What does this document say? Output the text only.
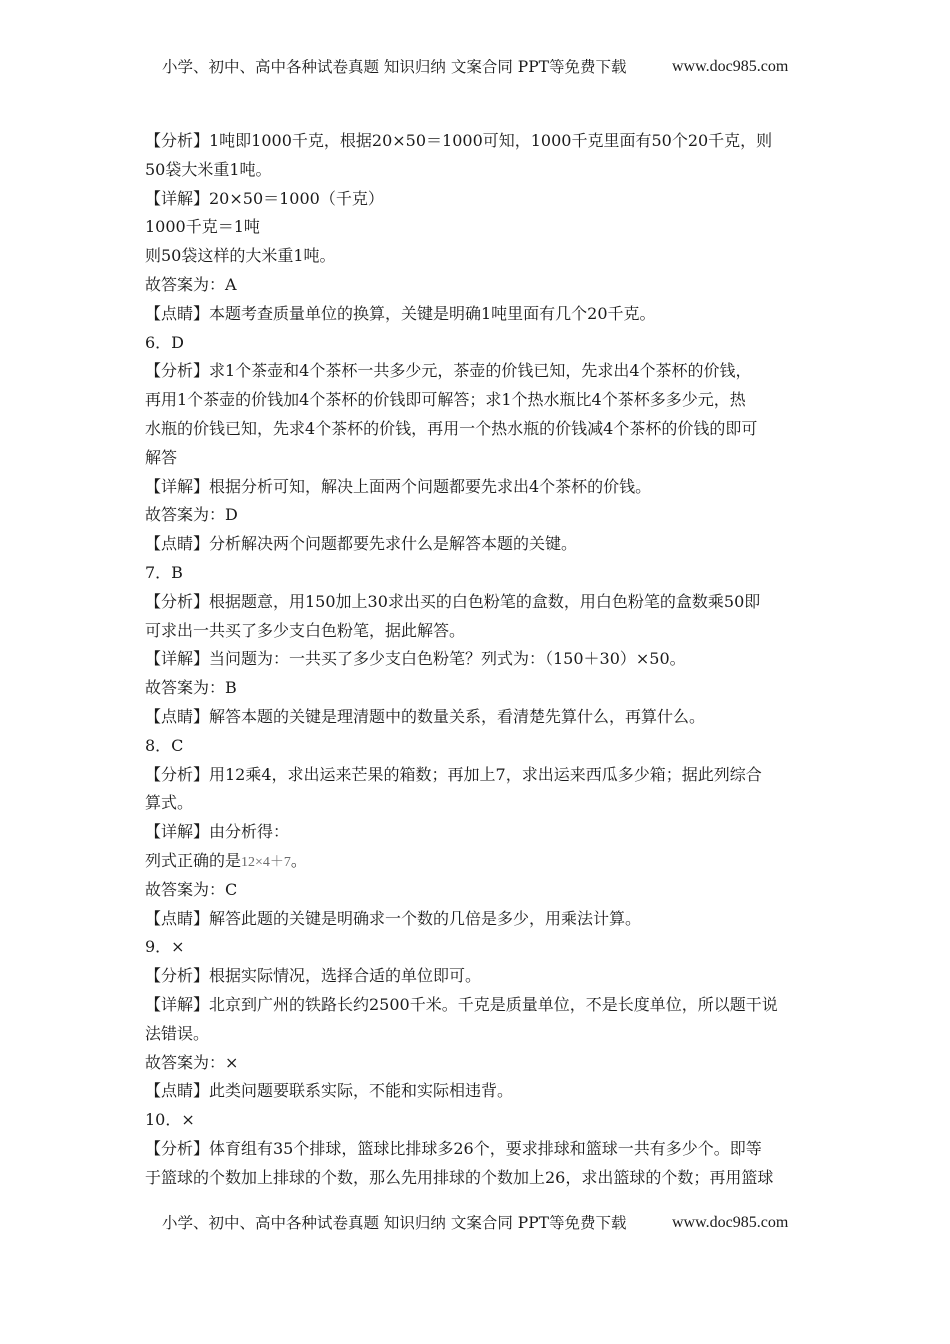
小学、初中、高中各种试卷真题 知识归纳 文案合同 PPT等免费下载	www.doc985.com
【分析】1吨即1000千克，根据20×50＝1000可知，1000千克里面有50个20千克，则
50袋大米重1吨。
【详解】20×50＝1000（千克）
1000千克＝1吨
则50袋这样的大米重1吨。
故答案为：A
【点睛】本题考查质量单位的换算，关键是明确1吨里面有几个20千克。
6．D
【分析】求1个茶壶和4个茶杯一共多少元，茶壶的价钱已知，先求出4个茶杯的价钱，
再用1个茶壶的价钱加4个茶杯的价钱即可解答；求1个热水瓶比4个茶杯多多少元，热
水瓶的价钱已知，先求4个茶杯的价钱，再用一个热水瓶的价钱减4个茶杯的价钱的即可
解答
【详解】根据分析可知，解决上面两个问题都要先求出4个茶杯的价钱。
故答案为：D
【点睛】分析解决两个问题都要先求什么是解答本题的关键。
7．B
【分析】根据题意，用150加上30求出买的白色粉笔的盒数，用白色粉笔的盒数乘50即
可求出一共买了多少支白色粉笔，据此解答。
【详解】当问题为：一共买了多少支白色粉笔？列式为：（150＋30）×50。
故答案为：B
【点睛】解答本题的关键是理清题中的数量关系，看清楚先算什么，再算什么。
8．C
【分析】用12乘4，求出运来芒果的箱数；再加上7，求出运来西瓜多少箱；据此列综合
算式。
【详解】由分析得：
列式正确的是12×4＋7。
故答案为：C
【点睛】解答此题的关键是明确求一个数的几倍是多少，用乘法计算。
9．×
【分析】根据实际情况，选择合适的单位即可。
【详解】北京到广州的铁路长约2500千米。千克是质量单位，不是长度单位，所以题干说
法错误。
故答案为：×
【点睛】此类问题要联系实际，不能和实际相违背。
10．×
【分析】体育组有35个排球，篮球比排球多26个，要求排球和篮球一共有多少个。即等
于篮球的个数加上排球的个数，那么先用排球的个数加上26，求出篮球的个数；再用篮球
小学、初中、高中各种试卷真题 知识归纳 文案合同 PPT等免费下载	www.doc985.com
